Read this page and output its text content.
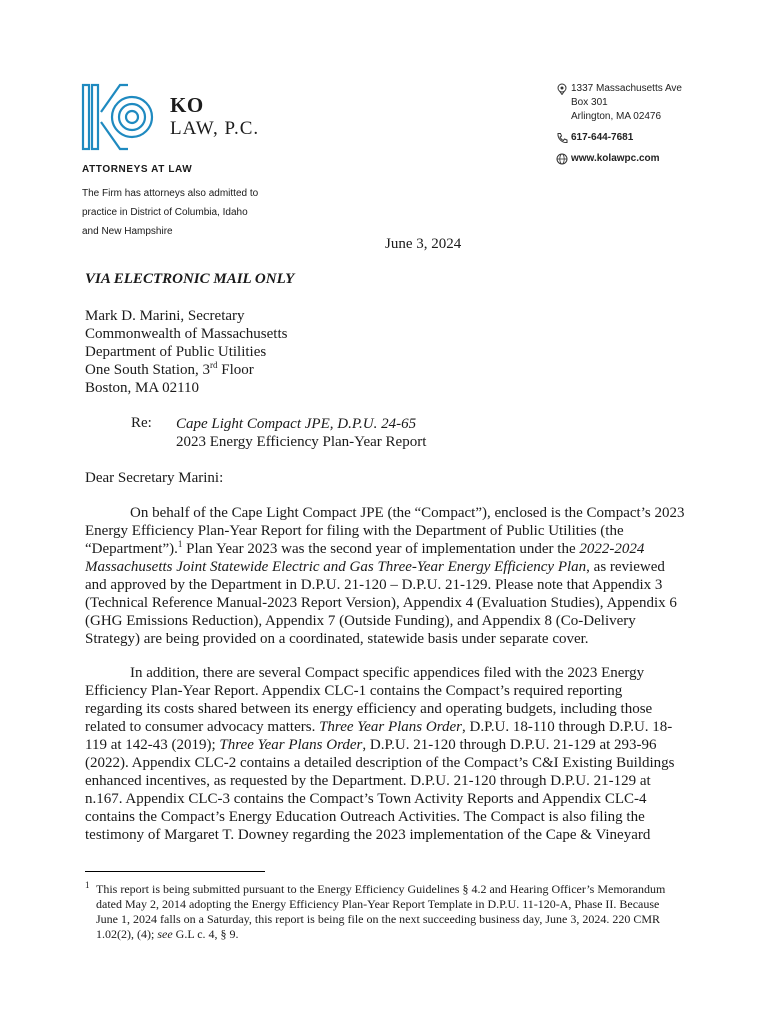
KO
LAW, P.C.
ATTORNEYS AT LAW
The Firm has attorneys also admitted to
practice in District of Columbia, Idaho
and New Hampshire
1337 Massachusetts Ave
Box 301
Arlington, MA 02476
617-644-7681
www.kolawpc.com
June 3, 2024
VIA ELECTRONIC MAIL ONLY
Mark D. Marini, Secretary
Commonwealth of Massachusetts
Department of Public Utilities
One South Station, 3rd Floor
Boston, MA 02110
Re: Cape Light Compact JPE, D.P.U. 24-65
2023 Energy Efficiency Plan-Year Report
Dear Secretary Marini:
On behalf of the Cape Light Compact JPE (the “Compact”), enclosed is the Compact’s 2023
Energy Efficiency Plan-Year Report for filing with the Department of Public Utilities (the
“Department”).$^1$ Plan Year 2023 was the second year of implementation under the 2022-2024
Massachusetts Joint Statewide Electric and Gas Three-Year Energy Efficiency Plan, as reviewed
and approved by the Department in D.P.U. 21-120 – D.P.U. 21-129. Please note that Appendix 3
(Technical Reference Manual-2023 Report Version), Appendix 4 (Evaluation Studies), Appendix 6
(GHG Emissions Reduction), Appendix 7 (Outside Funding), and Appendix 8 (Co-Delivery
Strategy) are being provided on a coordinated, statewide basis under separate cover.
In addition, there are several Compact specific appendices filed with the 2023 Energy
Efficiency Plan-Year Report. Appendix CLC-1 contains the Compact’s required reporting
regarding its costs shared between its energy efficiency and operating budgets, including those
related to consumer advocacy matters. Three Year Plans Order, D.P.U. 18-110 through D.P.U. 18-
119 at 142-43 (2019); Three Year Plans Order, D.P.U. 21-120 through D.P.U. 21-129 at 293-96
(2022). Appendix CLC-2 contains a detailed description of the Compact’s C&I Existing Buildings
enhanced incentives, as requested by the Department. D.P.U. 21-120 through D.P.U. 21-129 at
n.167. Appendix CLC-3 contains the Compact’s Town Activity Reports and Appendix CLC-4
contains the Compact’s Energy Education Outreach Activities. The Compact is also filing the
testimony of Margaret T. Downey regarding the 2023 implementation of the Cape & Vineyard
1 This report is being submitted pursuant to the Energy Efficiency Guidelines § 4.2 and Hearing Officer’s Memorandum
dated May 2, 2014 adopting the Energy Efficiency Plan-Year Report Template in D.P.U. 11-120-A, Phase II. Because
June 1, 2024 falls on a Saturday, this report is being file on the next succeeding business day, June 3, 2024. 220 CMR
1.02(2), (4); see G.L c. 4, § 9.
